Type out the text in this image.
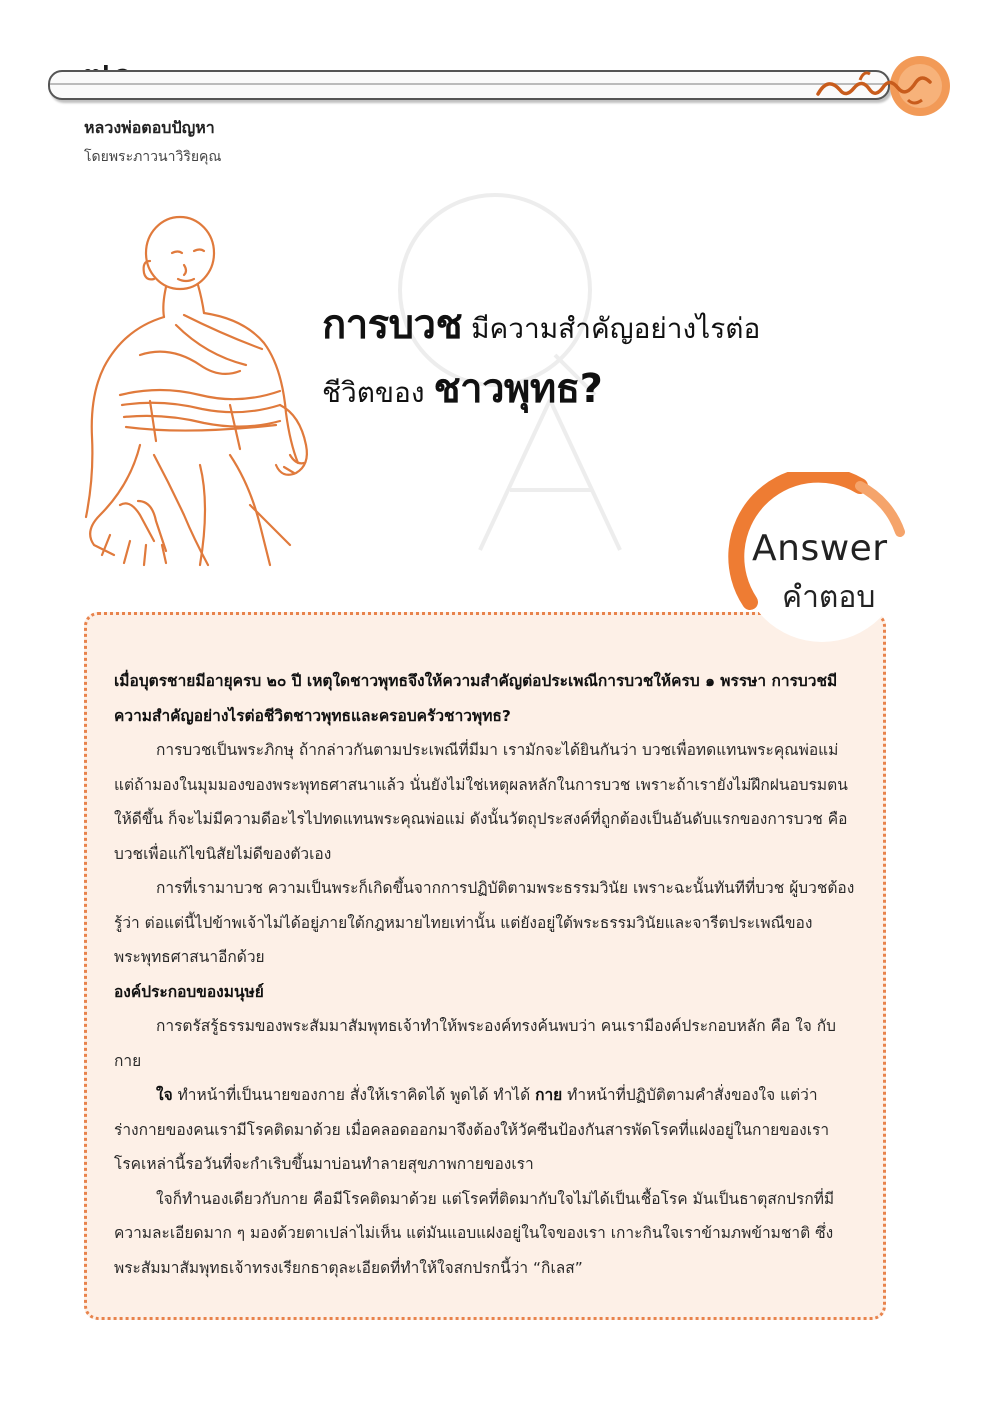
หลวงพ่อตอบปัญหา
โดยพระภาวนาวิริยคุณ
การบวช มีความสำคัญอย่างไรต่อ
ชีวิตของ ชาวพุทธ?
Answer
คำตอบ

เมื่อบุตรชายมีอายุครบ ๒๐ ปี เหตุใดชาวพุทธจึงให้ความสำคัญต่อประเพณีการบวชให้ครบ ๑ พรรษา การบวชมีความสำคัญอย่างไรต่อชีวิตชาวพุทธและครอบครัวชาวพุทธ?

การบวชเป็นพระภิกษุ ถ้ากล่าวกันตามประเพณีที่มีมา เรามักจะได้ยินกันว่า บวชเพื่อทดแทนพระคุณพ่อแม่ แต่ถ้ามองในมุมมองของพระพุทธศาสนาแล้ว นั่นยังไม่ใช่เหตุผลหลักในการบวช เพราะถ้าเรายังไม่ฝึกฝนอบรมตนให้ดีขึ้น ก็จะไม่มีความดีอะไรไปทดแทนพระคุณพ่อแม่ ดังนั้นวัตถุประสงค์ที่ถูกต้องเป็นอันดับแรกของการบวช คือ บวชเพื่อแก้ไขนิสัยไม่ดีของตัวเอง

การที่เรามาบวช ความเป็นพระก็เกิดขึ้นจากการปฏิบัติตามพระธรรมวินัย เพราะฉะนั้นทันทีที่บวช ผู้บวชต้องรู้ว่า ต่อแต่นี้ไปข้าพเจ้าไม่ได้อยู่ภายใต้กฎหมายไทยเท่านั้น แต่ยังอยู่ใต้พระธรรมวินัยและจารีตประเพณีของพระพุทธศาสนาอีกด้วย

องค์ประกอบของมนุษย์

การตรัสรู้ธรรมของพระสัมมาสัมพุทธเจ้าทำให้พระองค์ทรงค้นพบว่า คนเรามีองค์ประกอบหลัก คือ ใจ กับ กาย

ใจ ทำหน้าที่เป็นนายของกาย สั่งให้เราคิดได้ พูดได้ ทำได้ กาย ทำหน้าที่ปฏิบัติตามคำสั่งของใจ แต่ว่าร่างกายของคนเรามีโรคติดมาด้วย เมื่อคลอดออกมาจึงต้องให้วัคซีนป้องกันสารพัดโรคที่แฝงอยู่ในกายของเรา โรคเหล่านี้รอวันที่จะกำเริบขึ้นมาบ่อนทำลายสุขภาพกายของเรา

ใจก็ทำนองเดียวกับกาย คือมีโรคติดมาด้วย แต่โรคที่ติดมากับใจไม่ได้เป็นเชื้อโรค มันเป็นธาตุสกปรกที่มีความละเอียดมาก ๆ มองด้วยตาเปล่าไม่เห็น แต่มันแอบแฝงอยู่ในใจของเรา เกาะกินใจเราข้ามภพข้ามชาติ ซึ่งพระสัมมาสัมพุทธเจ้าทรงเรียกธาตุละเอียดที่ทำให้ใจสกปรกนี้ว่า “กิเลส”
